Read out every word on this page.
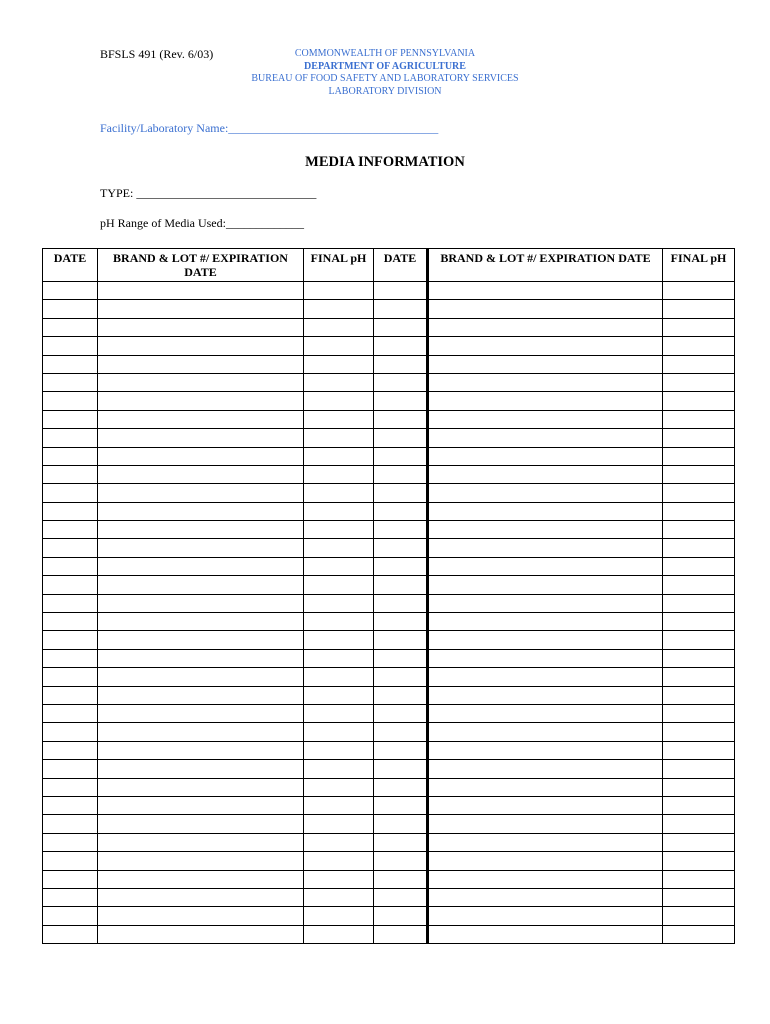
BFSLS 491 (Rev. 6/03)	COMMONWEALTH OF PENNSYLVANIA
DEPARTMENT OF AGRICULTURE
BUREAU OF FOOD SAFETY AND LABORATORY SERVICES
LABORATORY DIVISION
Facility/Laboratory Name:___________________________________
MEDIA INFORMATION
TYPE: ______________________________
pH Range of Media Used:_____________
DATE	BRAND & LOT #/ EXPIRATION DATE	FINAL pH	DATE	BRAND & LOT #/ EXPIRATION DATE	FINAL pH
